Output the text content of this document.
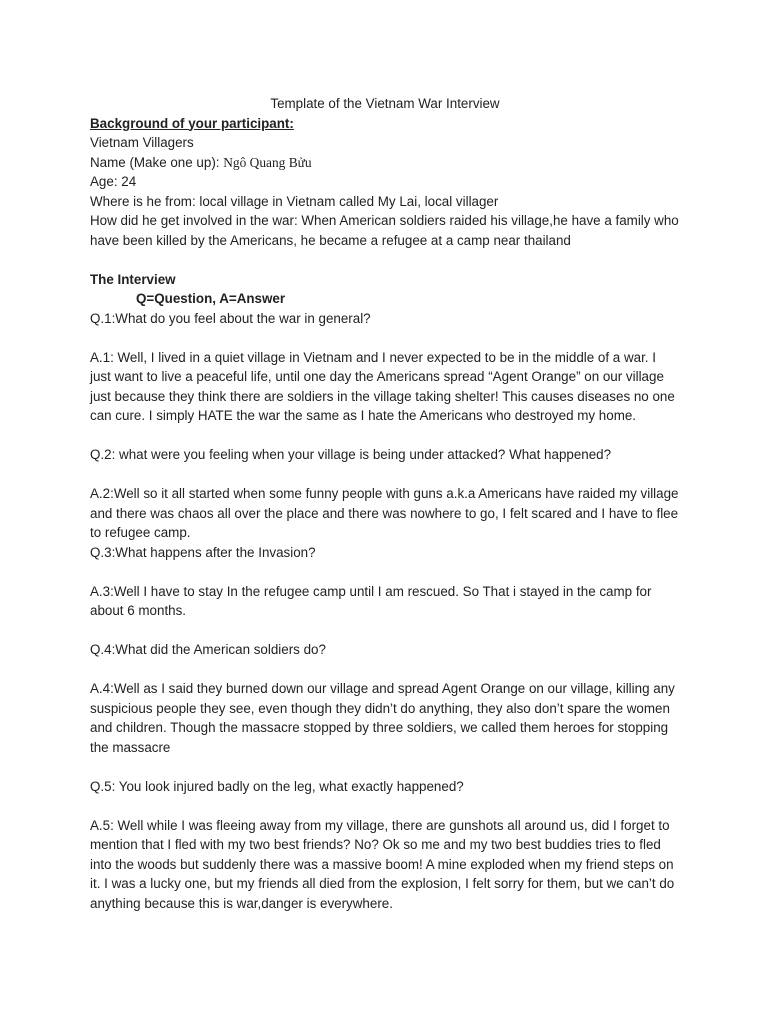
Template of the Vietnam War Interview

Background of your participant:

Vietnam Villagers

Name (Make one up): Ngô Quang Bửu

Age: 24

Where is he from: local village in Vietnam called My Lai, local villager

How did he get involved in the war: When American soldiers raided his village,he have a family who have been killed by the Americans, he became a refugee at a camp near thailand

The Interview

Q=Question, A=Answer

Q.1:What do you feel about the war in general?

A.1: Well, I lived in a quiet village in Vietnam and I never expected to be in the middle of a war. I just want to live a peaceful life, until one day the Americans spread “Agent Orange” on our village just because they think there are soldiers in the village taking shelter! This causes diseases no one can cure. I simply HATE the war the same as I hate the Americans who destroyed my home.

Q.2: what were you feeling when your village is being under attacked? What happened?

A.2:Well so it all started when some funny people with guns a.k.a Americans have raided my village and there was chaos all over the place and there was nowhere to go, I felt scared and I have to flee to refugee camp.

Q.3:What happens after the Invasion?

A.3:Well I have to stay In the refugee camp until I am rescued. So That i stayed in the camp for about 6 months.

Q.4:What did the American soldiers do?

A.4:Well as I said they burned down our village and spread Agent Orange on our village, killing any suspicious people they see, even though they didn’t do anything, they also don’t spare the women and children. Though the massacre stopped by three soldiers, we called them heroes for stopping the massacre

Q.5: You look injured badly on the leg, what exactly happened?

A.5: Well while I was fleeing away from my village, there are gunshots all around us, did I forget to mention that I fled with my two best friends? No? Ok so me and my two best buddies tries to fled into the woods but suddenly there was a massive boom! A mine exploded when my friend steps on it. I was a lucky one, but my friends all died from the explosion, I felt sorry for them, but we can’t do anything because this is war,danger is everywhere.
